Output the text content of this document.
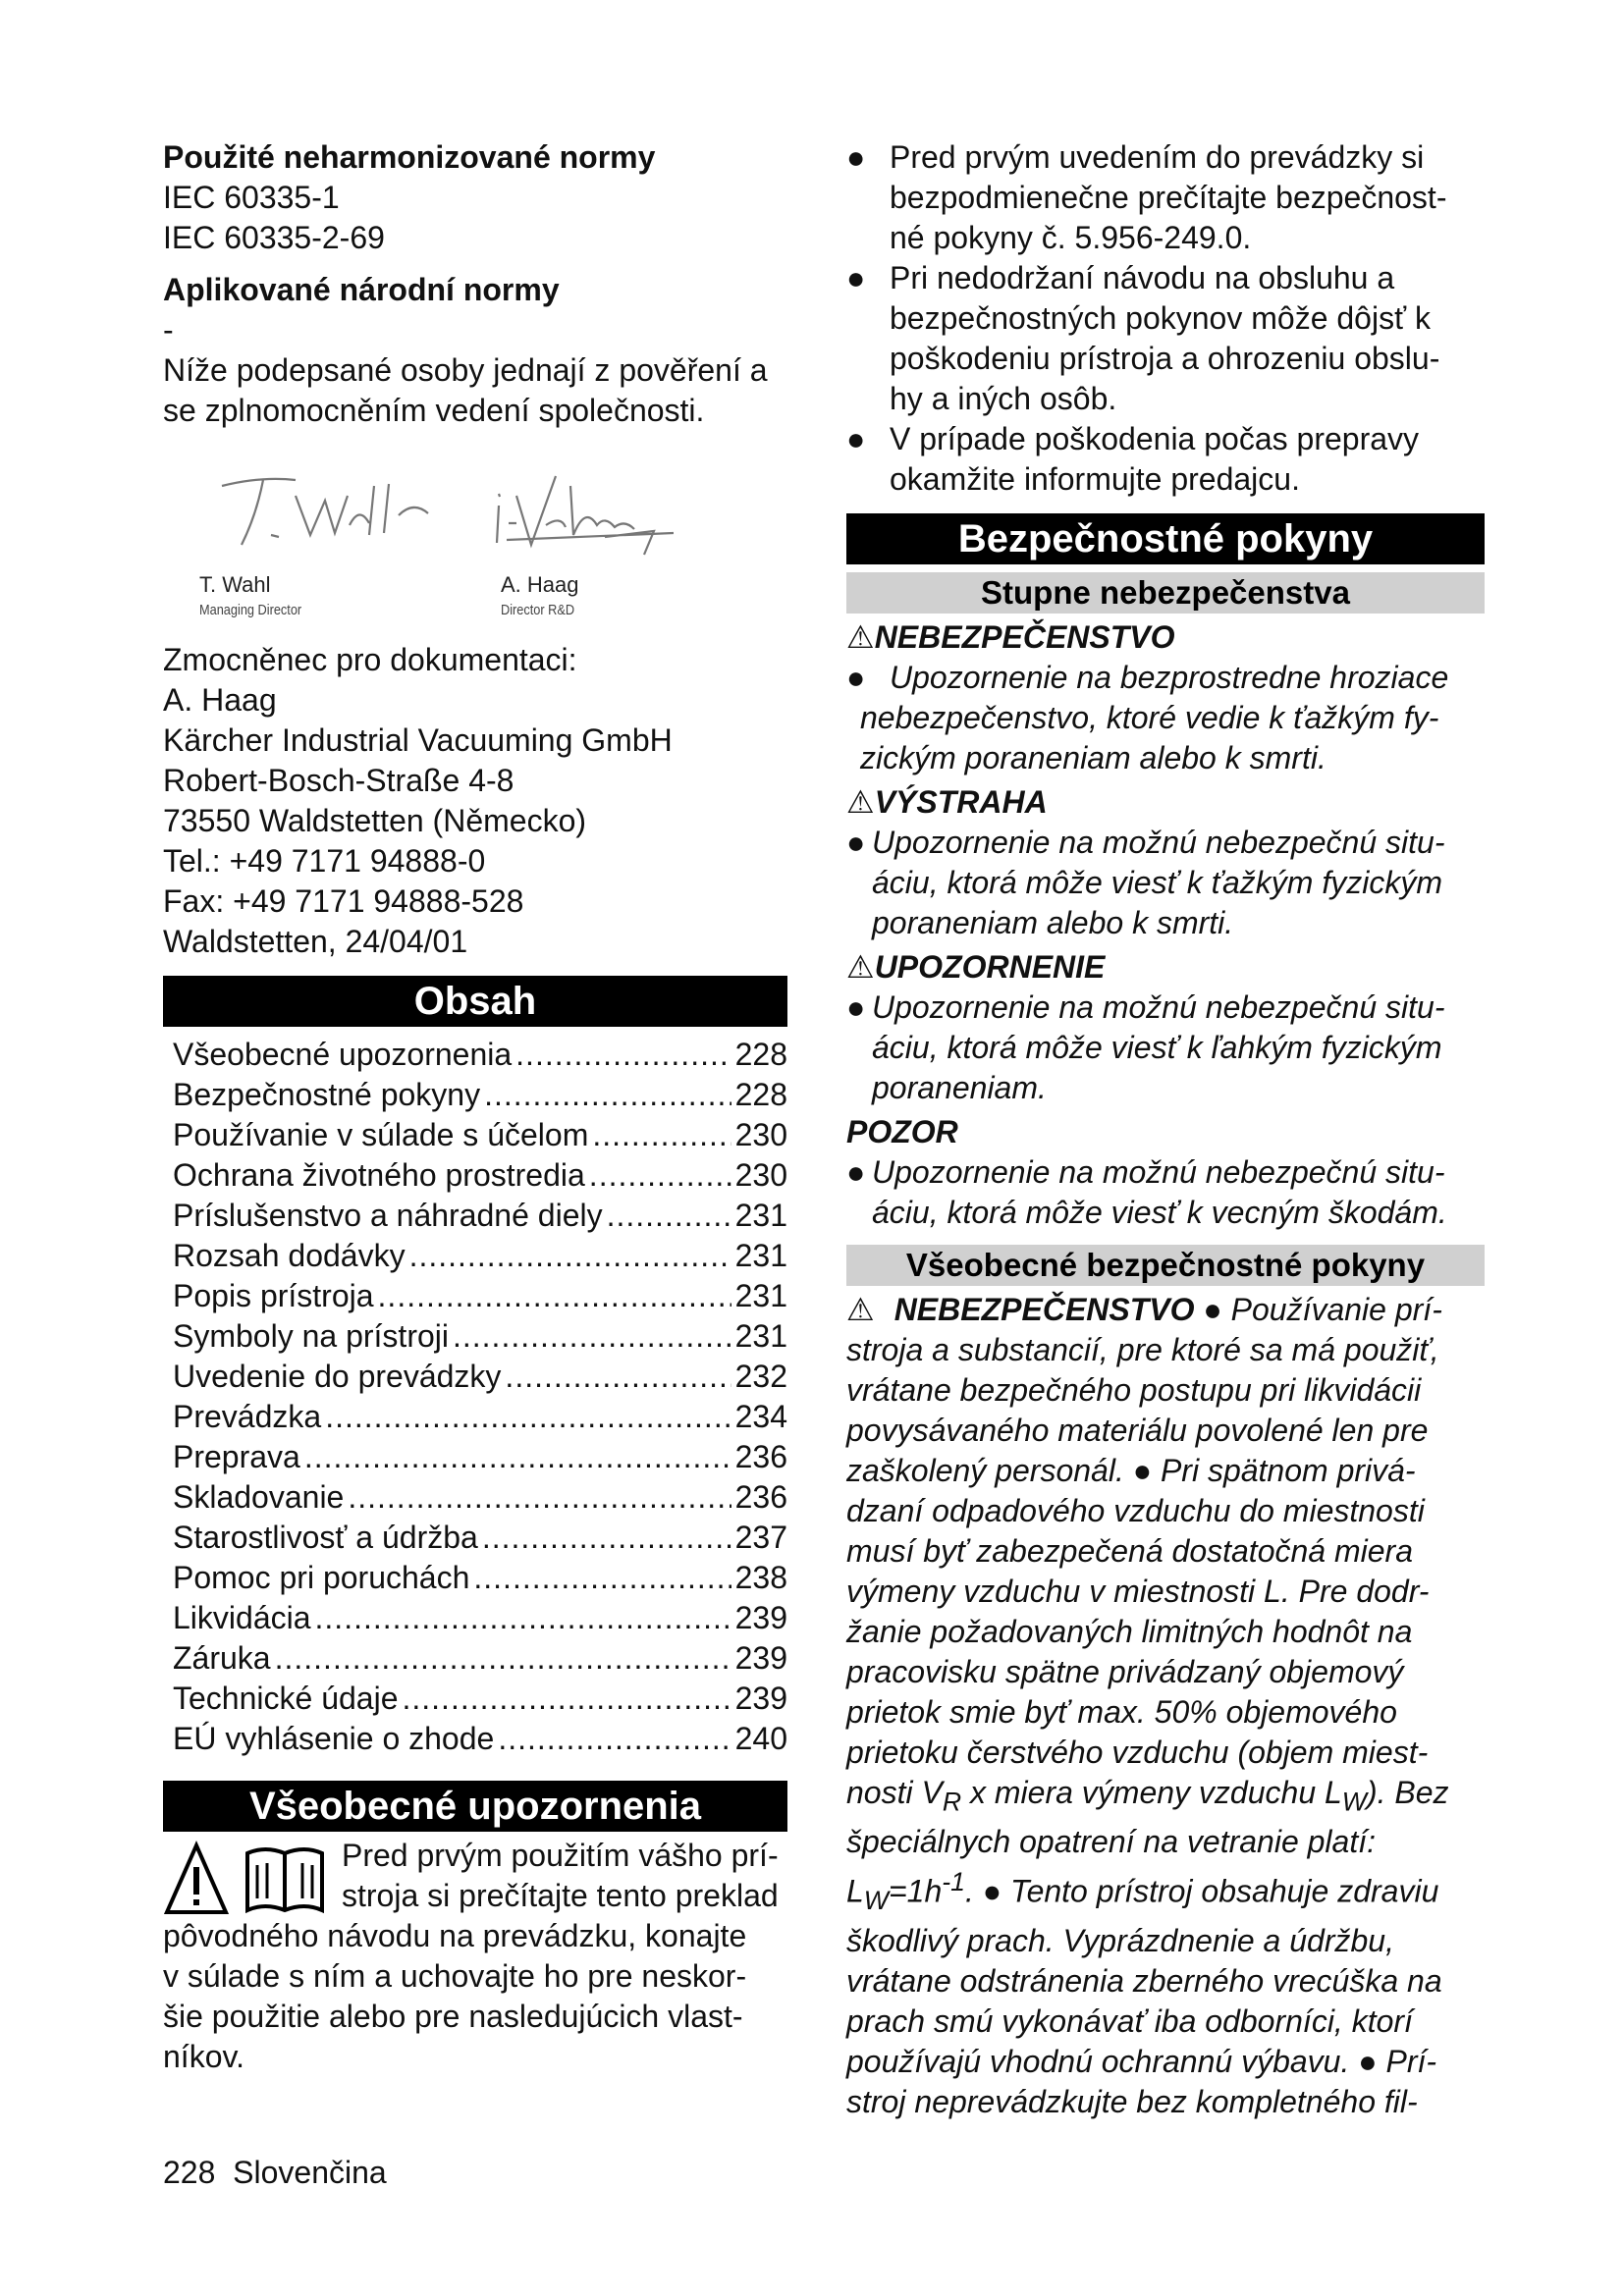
Použité neharmonizované normy
IEC 60335-1
IEC 60335-2-69
Aplikované národní normy
-
Níže podepsané osoby jednají z pověření a
se zplnomocněním vedení společnosti.
T. Wahl
Managing Director
A. Haag
Director R&D
Zmocněnec pro dokumentaci:
A. Haag
Kärcher Industrial Vacuuming GmbH
Robert-Bosch-Straße 4-8
73550 Waldstetten (Německo)
Tel.: +49 7171 94888-0
Fax: +49 7171 94888-528
Waldstetten, 24/04/01
Obsah
Všeobecné upozornenia .....	228
Bezpečnostné pokyny .....	228
Používanie v súlade s účelom .....	230
Ochrana životného prostredia .....	230
Príslušenstvo a náhradné diely .....	231
Rozsah dodávky .....	231
Popis prístroja .....	231
Symboly na prístroji .....	231
Uvedenie do prevádzky .....	232
Prevádzka .....	234
Preprava .....	236
Skladovanie .....	236
Starostlivosť a údržba .....	237
Pomoc pri poruchách .....	238
Likvidácia .....	239
Záruka .....	239
Technické údaje .....	239
EÚ vyhlásenie o zhode .....	240
Všeobecné upozornenia
Pred prvým použitím vášho prí-
stroja si prečítajte tento preklad
pôvodného návodu na prevádzku, konajte
v súlade s ním a uchovajte ho pre neskor-
šie použitie alebo pre nasledujúcich vlast-
níkov.
● Pred prvým uvedením do prevádzky si
bezpodmienečne prečítajte bezpečnost-
né pokyny č. 5.956-249.0.
● Pri nedodržaní návodu na obsluhu a
bezpečnostných pokynov môže dôjsť k
poškodeniu prístroja a ohrozeniu obslu-
hy a iných osôb.
● V prípade poškodenia počas prepravy
okamžite informujte predajcu.
Bezpečnostné pokyny
Stupne nebezpečenstva
⚠NEBEZPEČENSTVO
● Upozornenie na bezprostredne hroziace
nebezpečenstvo, ktoré vedie k ťažkým fy-
zickým poraneniam alebo k smrti.
⚠VÝSTRAHA
● Upozornenie na možnú nebezpečnú situ-
áciu, ktorá môže viesť k ťažkým fyzickým
poraneniam alebo k smrti.
⚠UPOZORNENIE
● Upozornenie na možnú nebezpečnú situ-
áciu, ktorá môže viesť k ľahkým fyzickým
poraneniam.
POZOR
● Upozornenie na možnú nebezpečnú situ-
áciu, ktorá môže viesť k vecným škodám.
Všeobecné bezpečnostné pokyny
⚠ NEBEZPEČENSTVO ● Používanie prí-
stroja a substancií, pre ktoré sa má použiť,
vrátane bezpečného postupu pri likvidácii
povysávaného materiálu povolené len pre
zaškolený personál. ● Pri spätnom privá-
dzaní odpadového vzduchu do miestnosti
musí byť zabezpečená dostatočná miera
výmeny vzduchu v miestnosti L. Pre dodr-
žanie požadovaných limitných hodnôt na
pracovisku spätne privádzaný objemový
prietok smie byť max. 50% objemového
prietoku čerstvého vzduchu (objem miest-
nosti $V_R$ x miera výmeny vzduchu $L_W$). Bez
špeciálnych opatrení na vetranie platí:
$L_W=1h^{-1}$. ● Tento prístroj obsahuje zdraviu
škodlivý prach. Vyprázdnenie a údržbu,
vrátane odstránenia zberného vrecúška na
prach smú vykonávať iba odborníci, ktorí
používajú vhodnú ochrannú výbavu. ● Prí-
stroj neprevádzkujte bez kompletného fil-
228 Slovenčina
